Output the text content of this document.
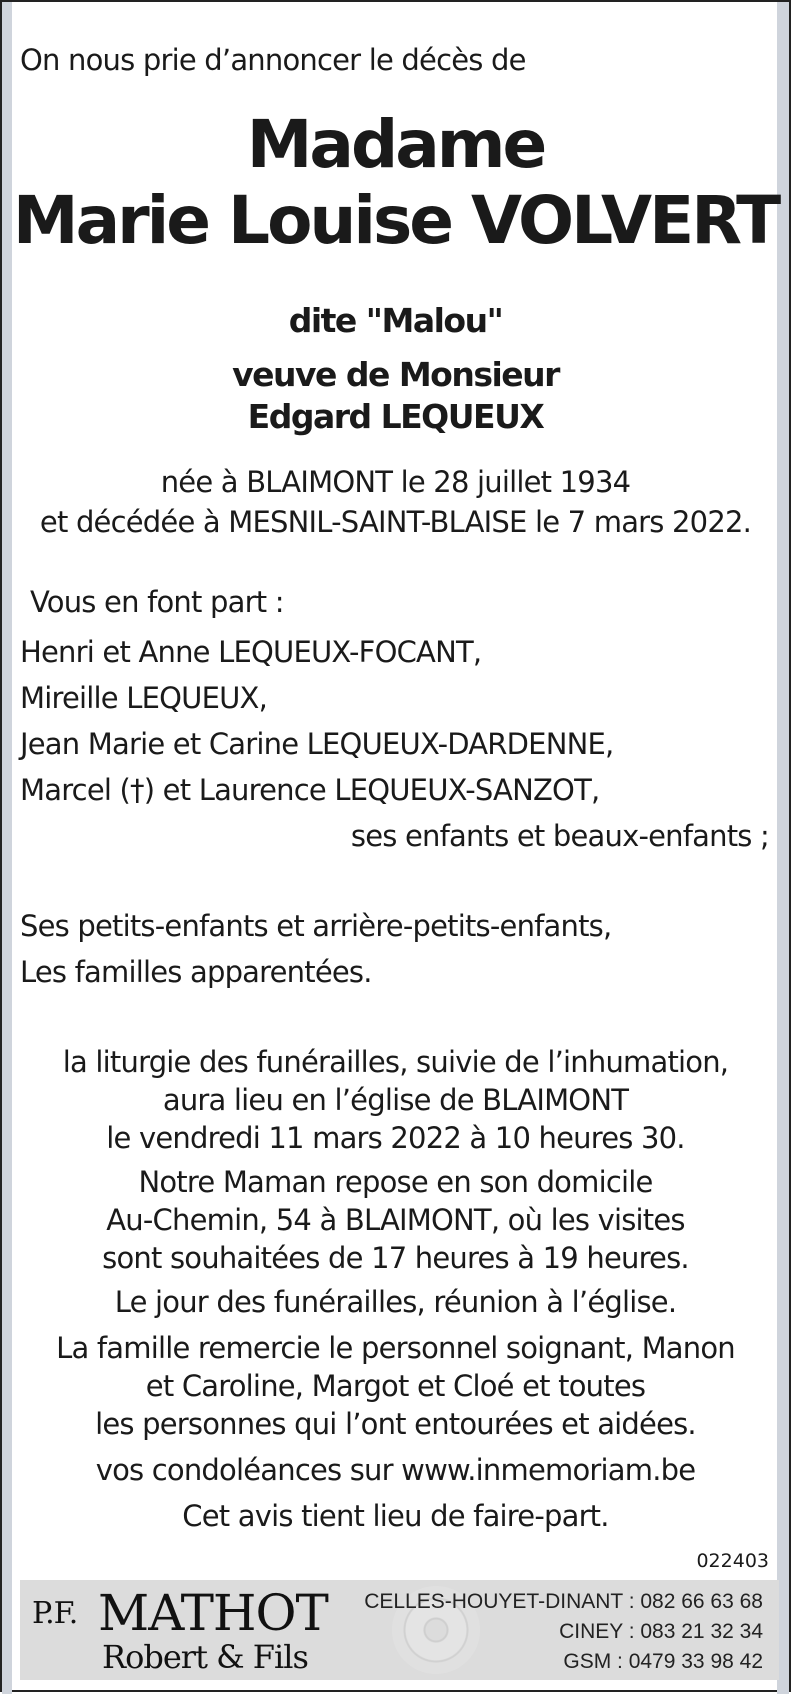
On nous prie d’annoncer le décès de
Madame
Marie Louise VOLVERT
dite "Malou"
veuve de Monsieur
Edgard LEQUEUX
née à BLAIMONT le 28 juillet 1934
et décédée à MESNIL-SAINT-BLAISE le 7 mars 2022.
Vous en font part :
Henri et Anne LEQUEUX-FOCANT,
Mireille LEQUEUX,
Jean Marie et Carine LEQUEUX-DARDENNE,
Marcel (†) et Laurence LEQUEUX-SANZOT,
ses enfants et beaux-enfants ;
Ses petits-enfants et arrière-petits-enfants,
Les familles apparentées.
la liturgie des funérailles, suivie de l’inhumation,
aura lieu en l’église de BLAIMONT
le vendredi 11 mars 2022 à 10 heures 30.
Notre Maman repose en son domicile
Au-Chemin, 54 à BLAIMONT, où les visites
sont souhaitées de 17 heures à 19 heures.
Le jour des funérailles, réunion à l’église.
La famille remercie le personnel soignant, Manon
et Caroline, Margot et Cloé et toutes
les personnes qui l’ont entourées et aidées.
vos condoléances sur www.inmemoriam.be
Cet avis tient lieu de faire-part.
022403
P.F. MATHOT
Robert & Fils
CELLES-HOUYET-DINANT : 082 66 63 68
CINEY : 083 21 32 34
GSM : 0479 33 98 42
